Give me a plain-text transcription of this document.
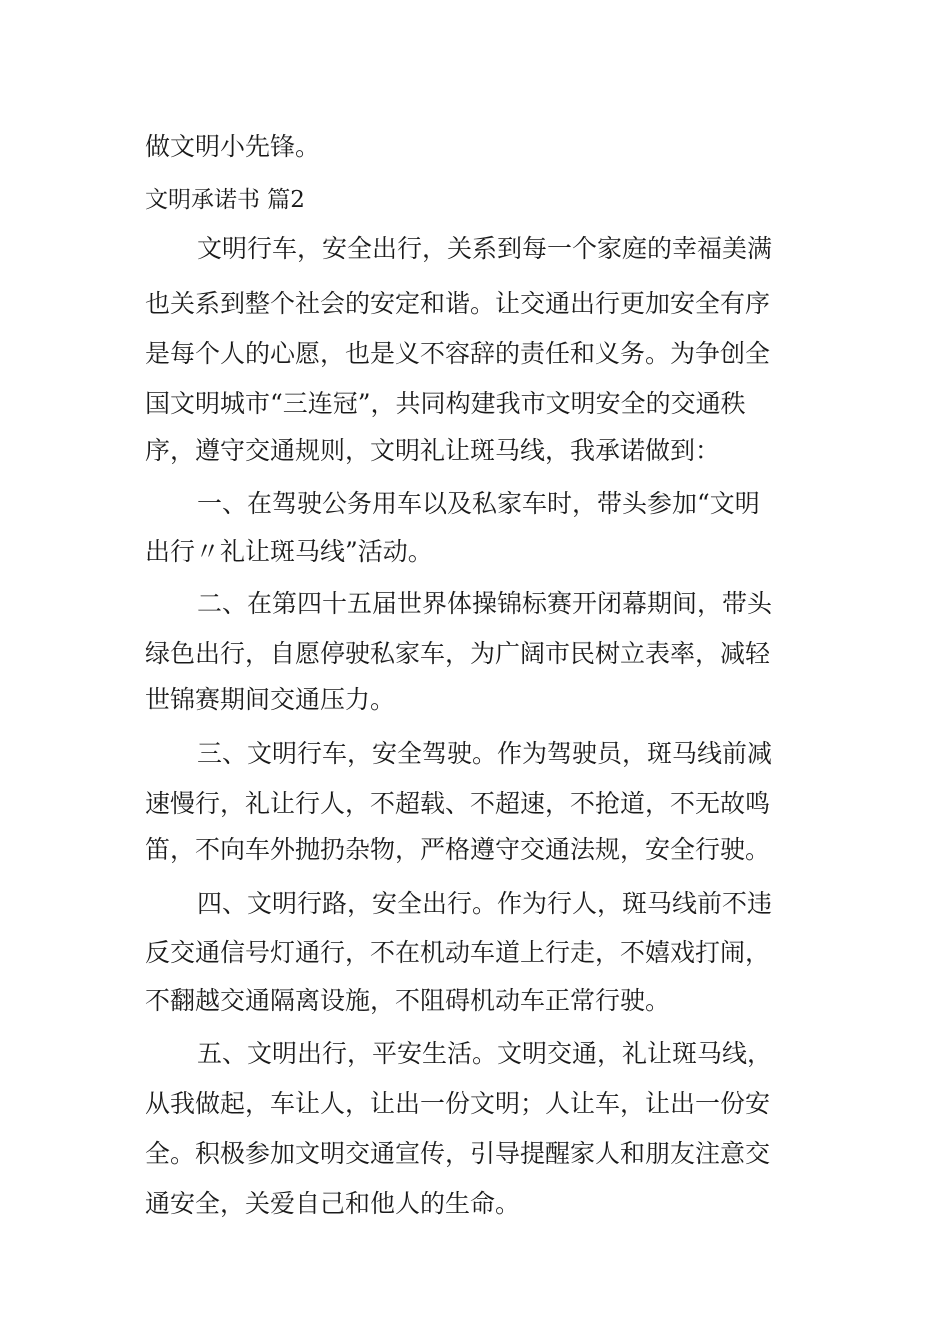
做文明小先锋。
文明承诺书 篇2
文明行车，安全出行，关系到每一个家庭的幸福美满
也关系到整个社会的安定和谐。让交通出行更加安全有序
是每个人的心愿，也是义不容辞的责任和义务。为争创全
国文明城市“三连冠”，共同构建我市文明安全的交通秩
序，遵守交通规则，文明礼让斑马线，我承诺做到：
一、在驾驶公务用车以及私家车时，带头参加“文明
出行〃礼让斑马线”活动。
二、在第四十五届世界体操锦标赛开闭幕期间，带头
绿色出行，自愿停驶私家车，为广阔市民树立表率，减轻
世锦赛期间交通压力。
三、文明行车，安全驾驶。作为驾驶员，斑马线前减
速慢行，礼让行人，不超载、不超速，不抢道，不无故鸣
笛，不向车外抛扔杂物，严格遵守交通法规，安全行驶。
四、文明行路，安全出行。作为行人，斑马线前不违
反交通信号灯通行，不在机动车道上行走，不嬉戏打闹，
不翻越交通隔离设施，不阻碍机动车正常行驶。
五、文明出行，平安生活。文明交通，礼让斑马线，
从我做起，车让人，让出一份文明；人让车，让出一份安
全。积极参加文明交通宣传，引导提醒家人和朋友注意交
通安全，关爱自己和他人的生命。
